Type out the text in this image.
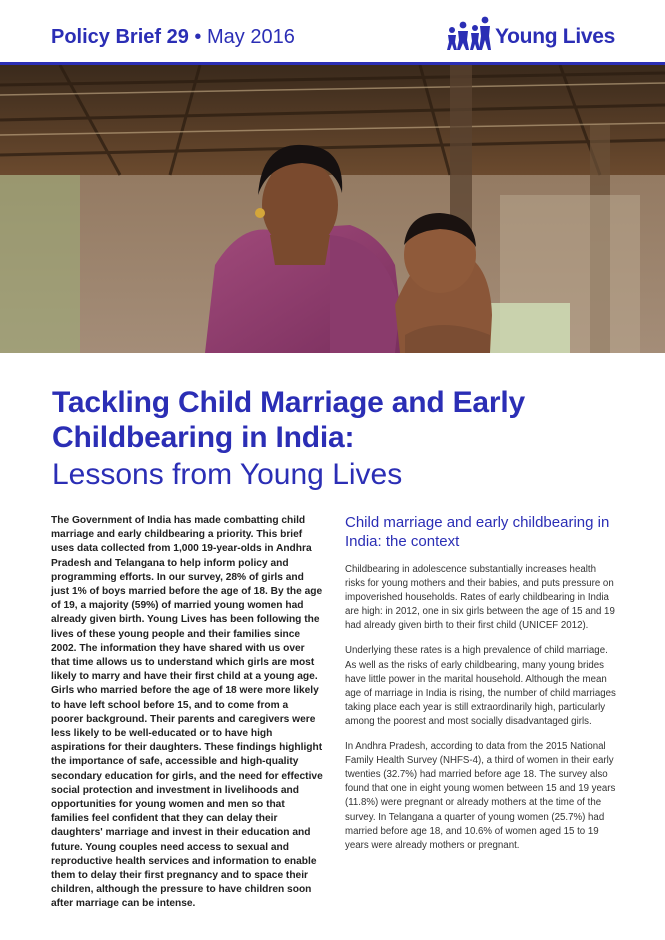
Policy Brief 29 • May 2016	Young Lives
Tackling Child Marriage and Early Childbearing in India:
Lessons from Young Lives
The Government of India has made combatting child marriage and early childbearing a priority. This brief uses data collected from 1,000 19-year-olds in Andhra Pradesh and Telangana to help inform policy and programming efforts. In our survey, 28% of girls and just 1% of boys married before the age of 18. By the age of 19, a majority (59%) of married young women had already given birth. Young Lives has been following the lives of these young people and their families since 2002. The information they have shared with us over that time allows us to understand which girls are most likely to marry and have their first child at a young age. Girls who married before the age of 18 were more likely to have left school before 15, and to come from a poorer background. Their parents and caregivers were less likely to be well-educated or to have high aspirations for their daughters. These findings highlight the importance of safe, accessible and high-quality secondary education for girls, and the need for effective social protection and investment in livelihoods and opportunities for young women and men so that families feel confident that they can delay their daughters' marriage and invest in their education and future. Young couples need access to sexual and reproductive health services and information to enable them to delay their first pregnancy and to space their children, although the pressure to have children soon after marriage can be intense.
Child marriage and early childbearing in India: the context

Childbearing in adolescence substantially increases health risks for young mothers and their babies, and puts pressure on impoverished households. Rates of early childbearing in India are high: in 2012, one in six girls between the age of 15 and 19 had already given birth to their first child (UNICEF 2012).

Underlying these rates is a high prevalence of child marriage. As well as the risks of early childbearing, many young brides have little power in the marital household. Although the mean age of marriage in India is rising, the number of child marriages taking place each year is still extraordinarily high, particularly among the poorest and most socially disadvantaged girls.

In Andhra Pradesh, according to data from the 2015 National Family Health Survey (NHFS-4), a third of women in their early twenties (32.7%) had married before age 18. The survey also found that one in eight young women between 15 and 19 years (11.8%) were pregnant or already mothers at the time of the survey. In Telangana a quarter of young women (25.7%) had married before age 18, and 10.6% of women aged 15 to 19 years were already mothers or pregnant.
